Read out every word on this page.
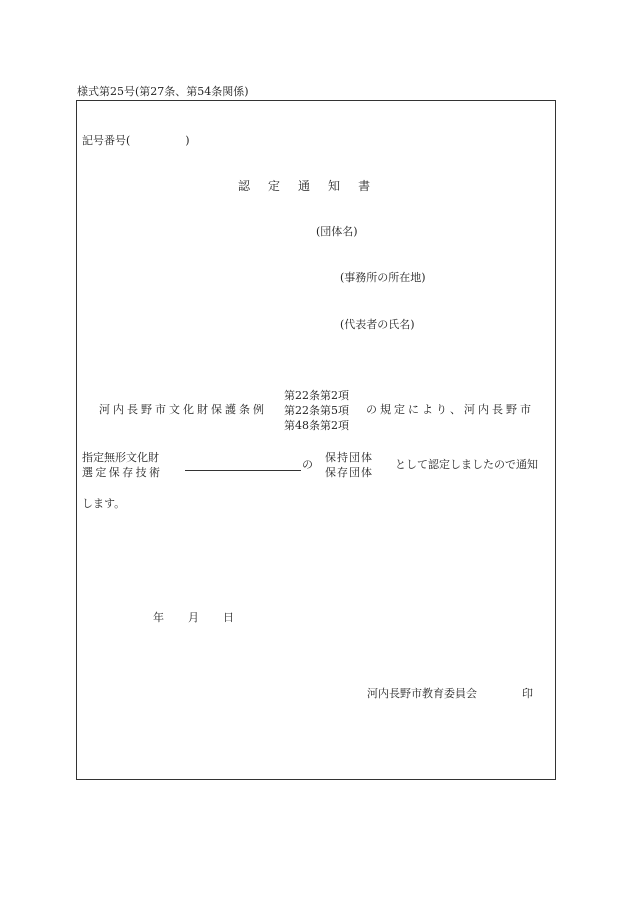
様式第25号(第27条、第54条関係)
記号番号(　　　　　)
認 定 通 知 書
(団体名)
(事務所の所在地)
(代表者の氏名)
河内長野市文化財保護条例
第22条第2項
第22条第5項
第48条第2項
の規定により、河内長野市
指定無形文化財
選定保存技術
の
保持団体
保存団体
として認定しましたので通知
します。
年 月 日
河内長野市教育委員会	印
